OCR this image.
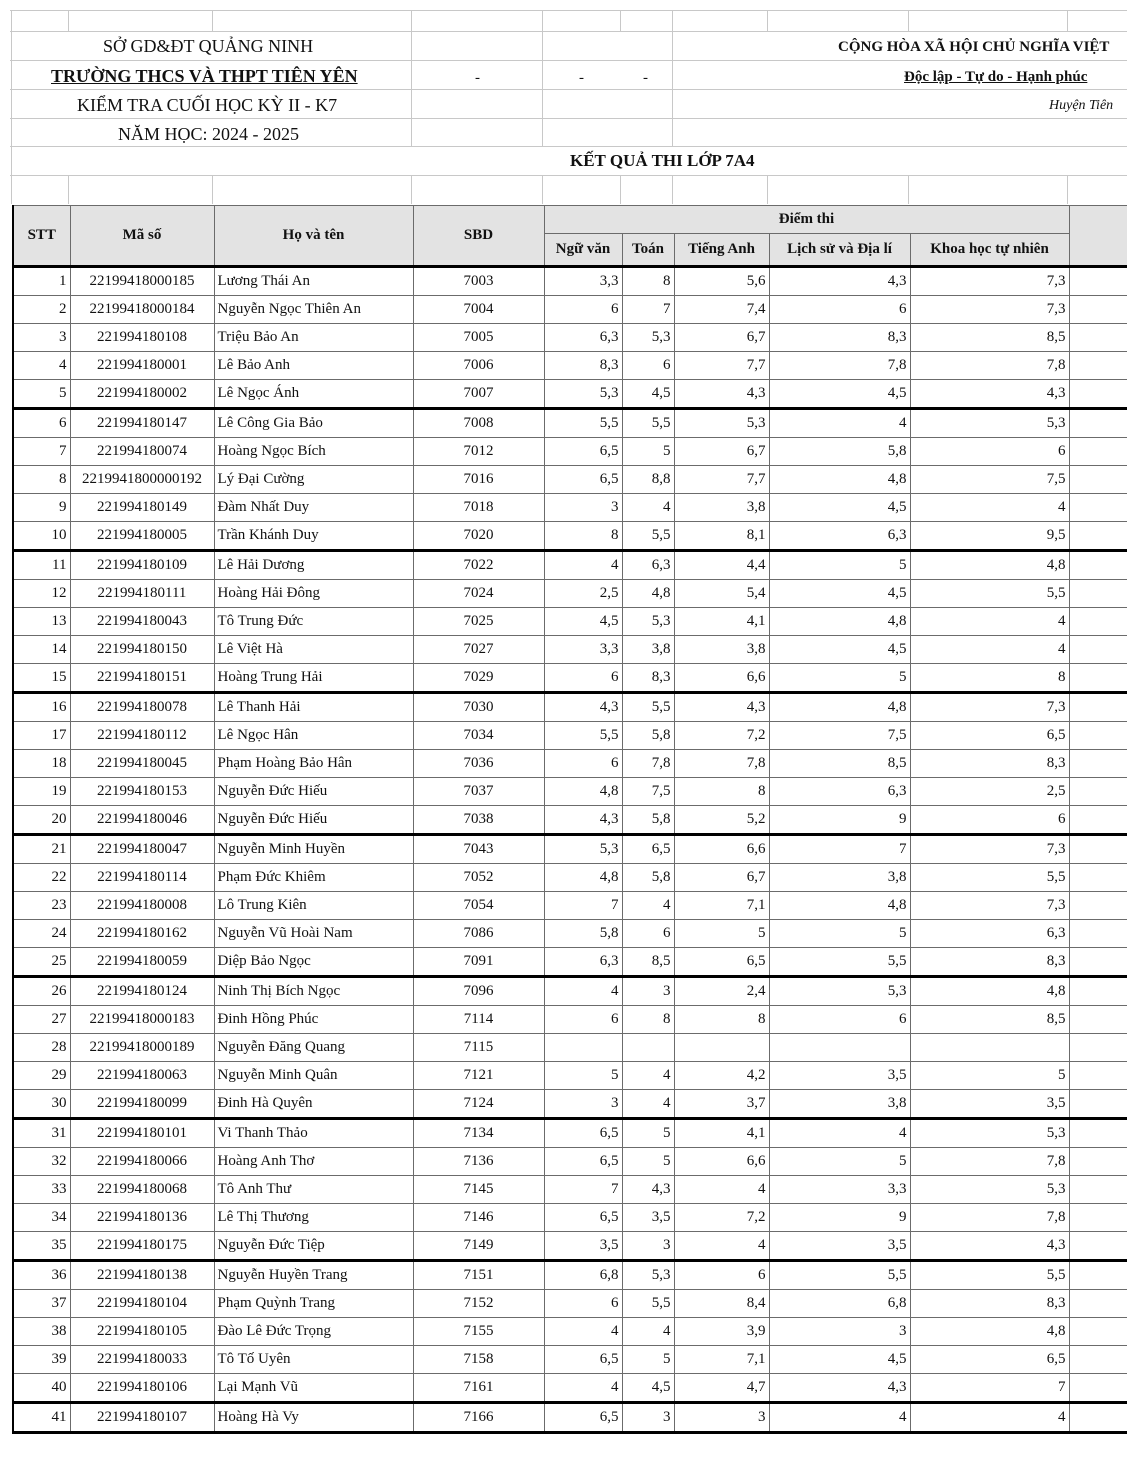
SỞ GD&ĐT QUẢNG NINH
TRƯỜNG THCS VÀ THPT TIÊN YÊN
KIỂM TRA CUỐI HỌC KỲ II - K7
NĂM HỌC: 2024 - 2025
-	-	-
CỘNG HÒA XÃ HỘI CHỦ NGHĨA VIỆT
Độc lập - Tự do - Hạnh phúc
Huyện Tiên
KẾT QUẢ THI LỚP 7A4
STT	Mã số	Họ và tên	SBD	Điểm thi					
				Ngữ văn	Toán	Tiếng Anh	Lịch sử và Địa lí	Khoa học tự nhiên	
1	22199418000185	Lương Thái An	7003	3,3	8	5,6	4,3	7,3	
2	22199418000184	Nguyễn Ngọc Thiên An	7004	6	7	7,4	6	7,3	
3	221994180108	Triệu Bảo An	7005	6,3	5,3	6,7	8,3	8,5	
4	221994180001	Lê Bảo Anh	7006	8,3	6	7,7	7,8	7,8	
5	221994180002	Lê Ngọc Ánh	7007	5,3	4,5	4,3	4,5	4,3	
6	221994180147	Lê Công Gia Bảo	7008	5,5	5,5	5,3	4	5,3	
7	221994180074	Hoàng Ngọc Bích	7012	6,5	5	6,7	5,8	6	
8	2219941800000192	Lý Đại Cường	7016	6,5	8,8	7,7	4,8	7,5	
9	221994180149	Đàm Nhất Duy	7018	3	4	3,8	4,5	4	
10	221994180005	Trần Khánh Duy	7020	8	5,5	8,1	6,3	9,5	
11	221994180109	Lê Hải Dương	7022	4	6,3	4,4	5	4,8	
12	221994180111	Hoàng Hải Đông	7024	2,5	4,8	5,4	4,5	5,5	
13	221994180043	Tô Trung Đức	7025	4,5	5,3	4,1	4,8	4	
14	221994180150	Lê Việt Hà	7027	3,3	3,8	3,8	4,5	4	
15	221994180151	Hoàng Trung Hải	7029	6	8,3	6,6	5	8	
16	221994180078	Lê Thanh Hải	7030	4,3	5,5	4,3	4,8	7,3	
17	221994180112	Lê Ngọc Hân	7034	5,5	5,8	7,2	7,5	6,5	
18	221994180045	Phạm Hoàng Bảo Hân	7036	6	7,8	7,8	8,5	8,3	
19	221994180153	Nguyễn Đức Hiếu	7037	4,8	7,5	8	6,3	2,5	
20	221994180046	Nguyễn Đức Hiếu	7038	4,3	5,8	5,2	9	6	
21	221994180047	Nguyễn Minh Huyền	7043	5,3	6,5	6,6	7	7,3	
22	221994180114	Phạm Đức Khiêm	7052	4,8	5,8	6,7	3,8	5,5	
23	221994180008	Lô Trung Kiên	7054	7	4	7,1	4,8	7,3	
24	221994180162	Nguyễn Vũ Hoài Nam	7086	5,8	6	5	5	6,3	
25	221994180059	Diệp Bảo Ngọc	7091	6,3	8,5	6,5	5,5	8,3	
26	221994180124	Ninh Thị Bích Ngọc	7096	4	3	2,4	5,3	4,8	
27	22199418000183	Đinh Hồng Phúc	7114	6	8	8	6	8,5	
28	22199418000189	Nguyễn Đăng Quang	7115						
29	221994180063	Nguyễn Minh Quân	7121	5	4	4,2	3,5	5	
30	221994180099	Đinh Hà Quyên	7124	3	4	3,7	3,8	3,5	
31	221994180101	Vi Thanh Thảo	7134	6,5	5	4,1	4	5,3	
32	221994180066	Hoàng Anh Thơ	7136	6,5	5	6,6	5	7,8	
33	221994180068	Tô Anh Thư	7145	7	4,3	4	3,3	5,3	
34	221994180136	Lê Thị Thương	7146	6,5	3,5	7,2	9	7,8	
35	221994180175	Nguyễn Đức Tiệp	7149	3,5	3	4	3,5	4,3	
36	221994180138	Nguyễn Huyền Trang	7151	6,8	5,3	6	5,5	5,5	
37	221994180104	Phạm Quỳnh Trang	7152	6	5,5	8,4	6,8	8,3	
38	221994180105	Đào Lê Đức Trọng	7155	4	4	3,9	3	4,8	
39	221994180033	Tô Tố Uyên	7158	6,5	5	7,1	4,5	6,5	
40	221994180106	Lại Mạnh Vũ	7161	4	4,5	4,7	4,3	7	
41	221994180107	Hoàng Hà Vy	7166	6,5	3	3	4	4	
